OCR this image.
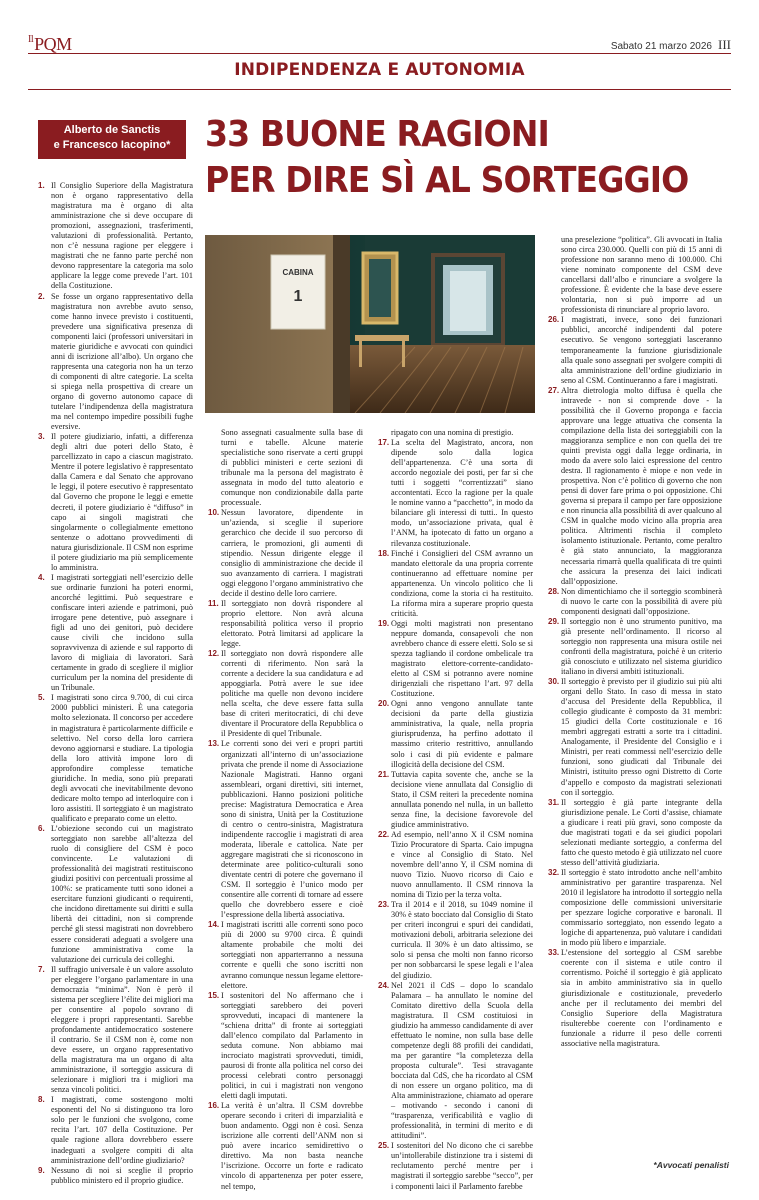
$^{Il}$PQM	Sabato 21 marzo 2026 III
INDIPENDENZA E AUTONOMIA
Alberto de Sanctis
e Francesco Iacopino* 33 BUONE RAGIONI
PER DIRE SÌ AL SORTEGGIO
CABINA
1
1. Il Consiglio Superiore della Magistratura non è organo rappresentativo della magistratura ma è organo di alta amministrazione che si deve occupare di promozioni, assegnazioni, trasferimenti, valutazioni di professionalità. Pertanto, non c’è nessuna ragione per eleggere i magistrati che ne fanno parte perché non devono rappresentare la categoria ma solo applicare la legge come prevede l’art. 101 della Costituzione.

2. Se fosse un organo rappresentativo della magistratura non avrebbe avuto senso, come hanno invece previsto i costituenti, prevedere una significativa presenza di componenti laici (professori universitari in materie giuridiche e avvocati con quindici anni di iscrizione all’albo). Un organo che rappresenta una categoria non ha un terzo di componenti di altre categorie. La scelta si spiega nella prospettiva di creare un organo di governo autonomo capace di tutelare l’indipendenza della magistratura ma nel contempo impedire possibili fughe eversive.

3. Il potere giudiziario, infatti, a differenza degli altri due poteri dello Stato, è parcellizzato in capo a ciascun magistrato. Mentre il potere legislativo è rappresentato dalla Camera e dal Senato che approvano le leggi, il potere esecutivo è rappresentato dal Governo che propone le leggi e emette decreti, il potere giudiziario è “diffuso” in capo ai singoli magistrati che singolarmente o collegialmente emettono sentenze o adottano provvedimenti di natura giurisdizionale. Il CSM non esprime il potere giudiziario ma più semplicemente lo amministra.

4. I magistrati sorteggiati nell’esercizio delle sue ordinarie funzioni ha poteri enormi, ancorché legittimi. Può sequestrare e confiscare interi aziende e patrimoni, può irrogare pene detentive, può assegnare i figli ad uno dei genitori, può decidere cause civili che incidono sulla sopravvivenza di aziende e sul rapporto di lavoro di migliaia di lavoratori. Sarà certamente in grado di scegliere il miglior curriculum per la nomina del presidente di un Tribunale.

5. I magistrati sono circa 9.700, di cui circa 2000 pubblici ministeri. È una categoria molto selezionata. Il concorso per accedere in magistratura è particolarmente difficile e selettivo. Nel corso della loro carriera devono aggiornarsi e studiare. La tipologia della loro attività impone loro di approfondire complesse tematiche giuridiche. In media, sono più preparati degli avvocati che inevitabilmente devono dedicare molto tempo ad interloquire con i loro assistiti. Il sorteggiato è un magistrato qualificato e preparato come un eletto.

6. L’obiezione secondo cui un magistrato sorteggiato non sarebbe all’altezza del ruolo di consigliere del CSM è poco convincente. Le valutazioni di professionalità dei magistrati restituiscono giudizi positivi con percentuali prossime al 100%: se praticamente tutti sono idonei a esercitare funzioni giudicanti o requirenti, che incidono direttamente sui diritti e sulla libertà dei cittadini, non si comprende perché gli stessi magistrati non dovrebbero essere considerati adeguati a svolgere una funzione amministrativa come la valutazione dei curricula dei colleghi.

7. Il suffragio universale è un valore assoluto per eleggere l’organo parlamentare in una democrazia “minima”. Non è però il sistema per scegliere l’élite dei migliori ma per consentire al popolo sovrano di eleggere i propri rappresentanti. Sarebbe profondamente antidemocratico sostenere il contrario. Se il CSM non è, come non deve essere, un organo rappresentativo della magistratura ma un organo di alta amministrazione, il sorteggio assicura di selezionare i migliori tra i migliori ma senza vincoli politici.

8. I magistrati, come sostengono molti esponenti del No si distinguono tra loro solo per le funzioni che svolgono, come recita l’art. 107 della Costituzione. Per quale ragione allora dovrebbero essere inadeguati a svolgere compiti di alta amministrazione dell’ordine giudiziario?

9. Nessuno di noi si sceglie il proprio pubblico ministero ed il proprio giudice.

Sono assegnati casualmente sulla base di turni e tabelle. Alcune materie specialistiche sono riservate a certi gruppi di pubblici ministeri e certe sezioni di tribunale ma la persona del magistrato è assegnata in modo del tutto aleatorio e comunque non condizionabile dalla parte processuale.

10. Nessun lavoratore, dipendente in un’azienda, si sceglie il superiore gerarchico che decide il suo percorso di carriera, le promozioni, gli aumenti di stipendio. Nessun dirigente elegge il consiglio di amministrazione che decide il suo avanzamento di carriera. I magistrati oggi eleggono l’organo amministrativo che decide il destino delle loro carriere.

11. Il sorteggiato non dovrà rispondere al proprio elettore. Non avrà alcuna responsabilità politica verso il proprio elettorato. Potrà limitarsi ad applicare la legge.

12. Il sorteggiato non dovrà rispondere alle correnti di riferimento. Non sarà la corrente a decidere la sua candidatura e ad appoggiarla. Potrà avere le sue idee politiche ma quelle non devono incidere nella scelta, che deve essere fatta sulla base di criteri meritocratici, di chi deve diventare il Procuratore della Repubblica o il Presidente di quel Tribunale.

13. Le correnti sono dei veri e propri partiti organizzati all’interno di un’associazione privata che prende il nome di Associazione Nazionale Magistrati. Hanno organi assembleari, organi direttivi, siti internet, pubblicazioni. Hanno posizioni politiche precise: Magistratura Democratica e Area sono di sinistra, Unità per la Costituzione di centro o centro-sinistra, Magistratura indipendente raccoglie i magistrati di area moderata, liberale e cattolica. Nate per aggregare magistrati che si riconoscono in determinate aree politico-culturali sono diventate centri di potere che governano il CSM. Il sorteggio è l’unico modo per consentire alle correnti di tornare ad essere quello che dovrebbero essere e cioè l’espressione della libertà associativa.

14. I magistrati iscritti alle correnti sono poco più di 2000 su 9700 circa. È quindi altamente probabile che molti dei sorteggiati non apparterranno a nessuna corrente e quelli che sono iscritti non avranno comunque nessun legame elettore-elettore.

15. I sostenitori del No affermano che i sorteggiati sarebbero dei poveri sprovveduti, incapaci di mantenere la “schiena dritta” di fronte ai sorteggiati dall’elenco compilato dal Parlamento in seduta comune. Non abbiamo mai incrociato magistrati sprovveduti, timidi, paurosi di fronte alla politica nel corso dei processi celebrati contro personaggi politici, in cui i magistrati non vengono eletti dagli imputati.

16. La verità è un’altra. Il CSM dovrebbe operare secondo i criteri di imparzialità e buon andamento. Oggi non è così. Senza iscrizione alle correnti dell’ANM non si può avere incarico semidirettivo o direttivo. Ma non basta neanche l’iscrizione. Occorre un forte e radicato vincolo di appartenenza per poter essere, nel tempo,

ripagato con una nomina di prestigio.

17. La scelta del Magistrato, ancora, non dipende solo dalla logica dell’appartenenza. C’è una sorta di accordo negoziale dei posti, per far sì che tutti i soggetti “correntizzati” siano accontentati. Ecco la ragione per la quale le nomine vanno a “pacchetto”, in modo da bilanciare gli interessi di tutti.. In questo modo, un’associazione privata, qual è l’ANM, ha ipotecato di fatto un organo a rilevanza costituzionale.

18. Finché i Consiglieri del CSM avranno un mandato elettorale da una propria corrente continueranno ad effettuare nomine per appartenenza. Un vincolo politico che li condiziona, come la storia ci ha restituito. La riforma mira a superare proprio questa criticità.

19. Oggi molti magistrati non presentano neppure domanda, consapevoli che non avrebbero chance di essere eletti. Solo se si spezza tagliando il cordone ombelicale tra magistrato elettore-corrente-candidato-eletto al CSM si potranno avere nomine dirigenziali che rispettano l’art. 97 della Costituzione.

20. Ogni anno vengono annullate tante decisioni da parte della giustizia amministrativa, la quale, nella propria giurisprudenza, ha perfino adottato il massimo criterio restrittivo, annullando solo i casi di più evidente e palmare illogicità della decisione del CSM.

21. Tuttavia capita sovente che, anche se la decisione viene annullata dal Consiglio di Stato, il CSM reiteri la precedente nomina annullata ponendo nel nulla, in un balletto senza fine, la decisione favorevole del giudice amministrativo.

22. Ad esempio, nell’anno X il CSM nomina Tizio Procuratore di Sparta. Caio impugna e vince al Consiglio di Stato. Nel novembre dell’anno Y, il CSM nomina di nuovo Tizio. Nuovo ricorso di Caio e nuovo annullamento. Il CSM rinnova la nomina di Tizio per la terza volta.

23. Tra il 2014 e il 2018, su 1049 nomine il 30% è stato bocciato dal Consiglio di Stato per criteri incongrui e spuri dei candidati, motivazioni deboli, arbitraria selezione dei curricula. Il 30% è un dato altissimo, se solo si pensa che molti non fanno ricorso per non sobbarcarsi le spese legali e l’alea del giudizio.

24. Nel 2021 il CdS – dopo lo scandalo Palamara – ha annullato le nomine del Comitato direttivo della Scuola della magistratura. Il CSM costituiosi in giudizio ha ammesso candidamente di aver effettuato le nomine, non sulla base delle competenze degli 88 profili dei candidati, ma per garantire “la completezza della proposta culturale”. Tesi stravagante bocciata dal CdS, che ha ricordato al CSM di non essere un organo politico, ma di Alta amministrazione, chiamato ad operare – motivando - secondo i canoni di “trasparenza, verificabilità e vaglio di professionalità, in termini di merito e di attitudini”.

25. I sostenitori del No dicono che ci sarebbe un’intollerabile distinzione tra i sistemi di reclutamento perché mentre per i magistrati il sorteggio sarebbe “secco”, per i componenti laici il Parlamento farebbe

una preselezione “politica”. Gli avvocati in Italia sono circa 230.000. Quelli con più di 15 anni di professione non saranno meno di 100.000. Chi viene nominato componente del CSM deve cancellarsi dall’albo e rinunciare a svolgere la professione. È evidente che la base deve essere volontaria, non si può imporre ad un professionista di rinunciare al proprio lavoro.

26. I magistrati, invece, sono dei funzionari pubblici, ancorché indipendenti dal potere esecutivo. Se vengono sorteggiati lasceranno temporaneamente la funzione giurisdizionale alla quale sono assegnati per svolgere compiti di alta amministrazione dell’ordine giudiziario in seno al CSM. Continueranno a fare i magistrati.

27. Altra dietrologia molto diffusa è quella che intravede - non si comprende dove - la possibilità che il Governo proponga e faccia approvare una legge attuativa che consenta la compilazione della lista dei sorteggiabili con la maggioranza semplice e non con quella dei tre quinti prevista oggi dalla legge ordinaria, in modo da avere solo laici espressione del centro destra. Il ragionamento è miope e non vede in prospettiva. Non c’è politico di governo che non pensi di dover fare prima o poi opposizione. Chi governa si prepara il campo per fare opposizione e non rinuncia alla possibilità di aver qualcuno al CSM in qualche modo vicino alla propria area politica. Altrimenti rischia il completo isolamento istituzionale. Pertanto, come peraltro è già stato annunciato, la maggioranza necessaria rimarrà quella qualificata di tre quinti che assicura la presenza dei laici indicati dall’opposizione.

28. Non dimentichiamo che il sorteggio scombinerà di nuovo le carte con la possibilità di avere più componenti designati dall’opposizione.

29. Il sorteggio non è uno strumento punitivo, ma già presente nell’ordinamento. Il ricorso al sorteggio non rappresenta una misura ostile nei confronti della magistratura, poiché è un criterio già conosciuto e utilizzato nel sistema giuridico italiano in diversi ambiti istituzionali.

30. Il sorteggio è previsto per il giudizio sui più alti organi dello Stato. In caso di messa in stato d’accusa del Presidente della Repubblica, il collegio giudicante è composto da 31 membri: 15 giudici della Corte costituzionale e 16 membri aggregati estratti a sorte tra i cittadini. Analogamente, il Presidente del Consiglio e i Ministri, per reati commessi nell’esercizio delle funzioni, sono giudicati dal Tribunale dei Ministri, istituito presso ogni Distretto di Corte d’appello e composto da magistrati selezionati con il sorteggio.

31. Il sorteggio è già parte integrante della giurisdizione penale. Le Corti d’assise, chiamate a giudicare i reati più gravi, sono composte da due magistrati togati e da sei giudici popolari selezionati mediante sorteggio, a conferma del fatto che questo metodo è già utilizzato nel cuore stesso dell’attività giudiziaria.

32. Il sorteggio è stato introdotto anche nell’ambito amministrativo per garantire trasparenza. Nel 2010 il legislatore ha introdotto il sorteggio nella composizione delle commissioni universitarie per spezzare logiche corporative e baronali. Il commissario sorteggiato, non essendo legato a logiche di appartenenza, può valutare i candidati in modo più libero e imparziale.

33. L’estensione del sorteggio al CSM sarebbe coerente con il sistema e utile contro il correntismo. Poiché il sorteggio è già applicato sia in ambito amministrativo sia in quello giurisdizionale e costituzionale, prevederlo anche per il reclutamento dei membri del Consiglio Superiore della Magistratura risulterebbe coerente con l’ordinamento e funzionale a ridurre il peso delle correnti associative nella magistratura.

*Avvocati penalisti
